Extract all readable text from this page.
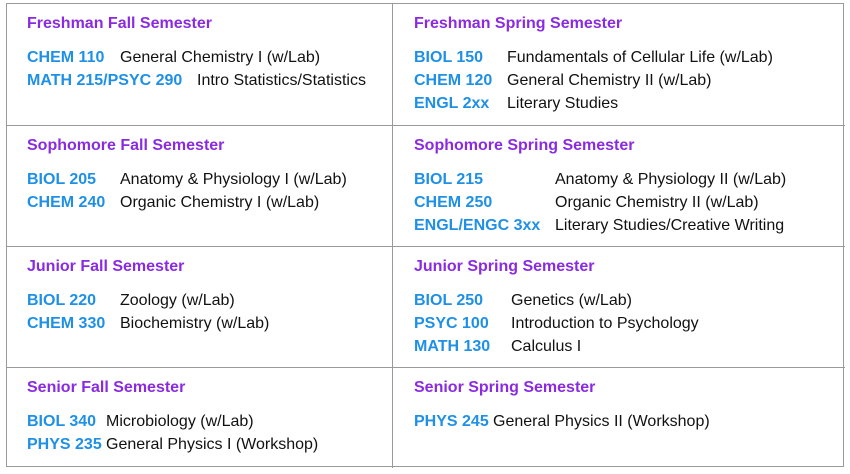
Freshman Fall Semester
CHEM 110 General Chemistry I (w/Lab)
MATH 215/PSYC 290 Intro Statistics/Statistics
Freshman Spring Semester
BIOL 150	Fundamentals of Cellular Life (w/Lab)
CHEM 120 General Chemistry II (w/Lab)
ENGL 2xx	Literary Studies
Sophomore Fall Semester
BIOL 205	Anatomy & Physiology I (w/Lab)
CHEM 240 Organic Chemistry I (w/Lab)
Sophomore Spring Semester
BIOL 215	Anatomy & Physiology II (w/Lab)
CHEM 250	Organic Chemistry II (w/Lab)
ENGL/ENGC 3xx Literary Studies/Creative Writing
Junior Fall Semester
BIOL 220	Zoology (w/Lab)
CHEM 330 Biochemistry (w/Lab)
Junior Spring Semester
BIOL 250	Genetics (w/Lab)
PSYC 100	Introduction to Psychology
MATH 130	Calculus I
Senior Fall Semester
BIOL 340 Microbiology (w/Lab)
PHYS 235 General Physics I (Workshop)
Senior Spring Semester
PHYS 245 General Physics II (Workshop)
